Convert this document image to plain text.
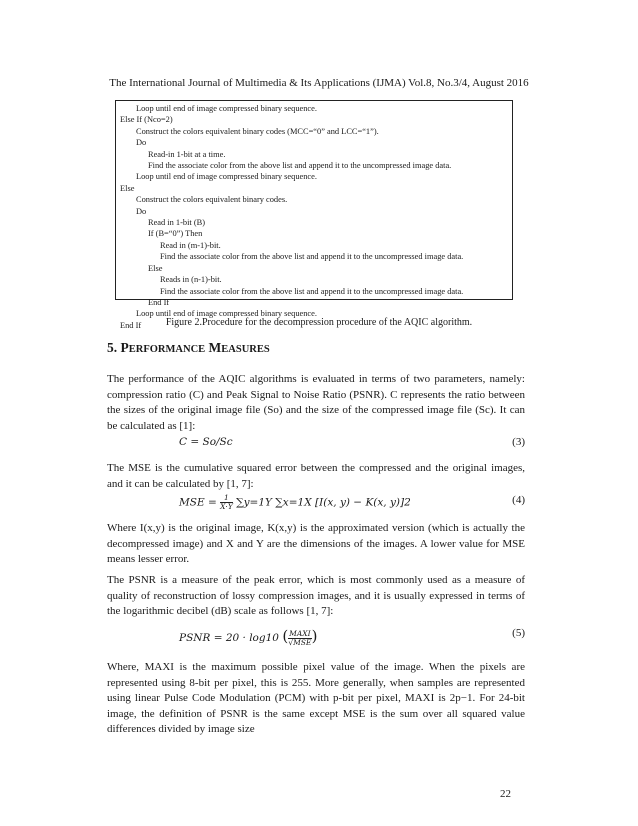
The International Journal of Multimedia & Its Applications (IJMA) Vol.8, No.3/4, August 2016
Loop until end of image compressed binary sequence.
Else If (Nco=2)
Construct the colors equivalent binary codes (MCC=“0” and LCC=“1”).
Do
Read-in 1-bit at a time.
Find the associate color from the above list and append it to the uncompressed image data.
Loop until end of image compressed binary sequence.
Else
Construct the colors equivalent binary codes.
Do
Read in 1-bit (B)
If (B=“0”) Then
Read in (m-1)-bit.
Find the associate color from the above list and append it to the uncompressed image data.
Else
Reads in (n-1)-bit.
Find the associate color from the above list and append it to the uncompressed image data.
End If
Loop until end of image compressed binary sequence.
End If	Figure 2.Procedure for the decompression procedure of the AQIC algorithm.
5. PERFORMANCE MEASURES
The performance of the AQIC algorithms is evaluated in terms of two parameters, namely: compression ratio (C) and Peak Signal to Noise Ratio (PSNR). C represents the ratio between the sizes of the original image file (So) and the size of the compressed image file (Sc). It can be calculated as [1]:
C = So/Sc	(3)
The MSE is the cumulative squared error between the compressed and the original images, and it can be calculated by [1, 7]:
MSE = $\frac{1}{X\cdot Y} \sum y=1Y$ ∑x=1X [I(x, y) − K(x, y)]2	(4)
Where I(x,y) is the original image, K(x,y) is the approximated version (which is actually the decompressed image) and X and Y are the dimensions of the images. A lower value for MSE means lesser error.
The PSNR is a measure of the peak error, which is most commonly used as a measure of quality of reconstruction of lossy compression images, and it is usually expressed in terms of the logarithmic decibel (dB) scale as follows [1, 7]:
PSNR = 20 · log10 ( $\frac{\text{MAXI}}{\text{√MSE}}$ )	(5)
Where, MAXI is the maximum possible pixel value of the image. When the pixels are represented using 8-bit per pixel, this is 255. More generally, when samples are represented using linear Pulse Code Modulation (PCM) with p-bit per pixel, MAXI is 2p−1. For 24-bit image, the definition of PSNR is the same except MSE is the sum over all squared value differences divided by image size
22
